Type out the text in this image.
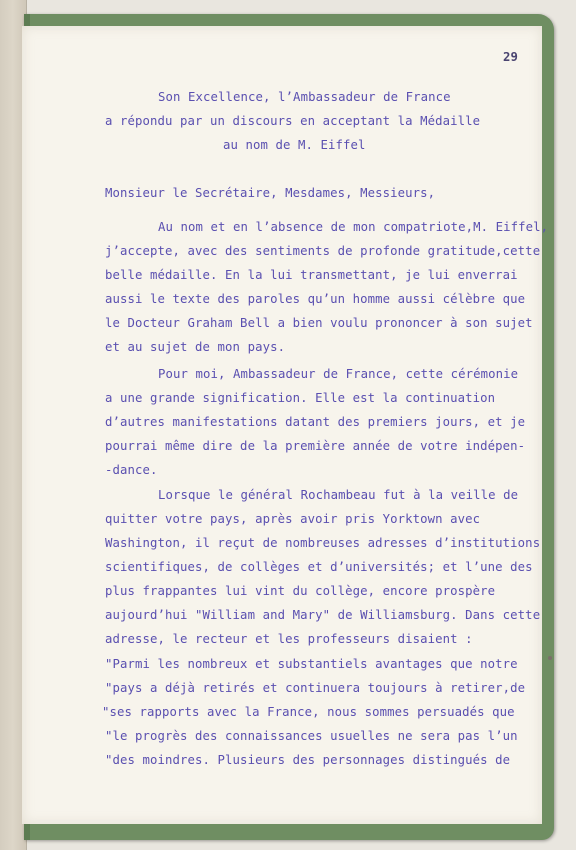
29
Son Excellence, l’Ambassadeur de France
a répondu par un discours en acceptant la Médaille
au nom de M. Eiffel
Monsieur le Secrétaire, Mesdames, Messieurs,
Au nom et en l’absence de mon compatriote,M. Eiffel,
j’accepte, avec des sentiments de profonde gratitude,cette
belle médaille. En la lui transmettant, je lui enverrai
aussi le texte des paroles qu’un homme aussi célèbre que
le Docteur Graham Bell a bien voulu prononcer à son sujet
et au sujet de mon pays.
Pour moi, Ambassadeur de France, cette cérémonie
a une grande signification. Elle est la continuation
d’autres manifestations datant des premiers jours, et je
pourrai même dire de la première année de votre indépen-
-dance.
Lorsque le général Rochambeau fut à la veille de
quitter votre pays, après avoir pris Yorktown avec
Washington, il reçut de nombreuses adresses d’institutions
scientifiques, de collèges et d’universités; et l’une des
plus frappantes lui vint du collège, encore prospère
aujourd’hui "William and Mary" de Williamsburg. Dans cette
adresse, le recteur et les professeurs disaient :
"Parmi les nombreux et substantiels avantages que notre
"pays a déjà retirés et continuera toujours à retirer,de
"ses rapports avec la France, nous sommes persuadés que
"le progrès des connaissances usuelles ne sera pas l’un
"des moindres. Plusieurs des personnages distingués de
